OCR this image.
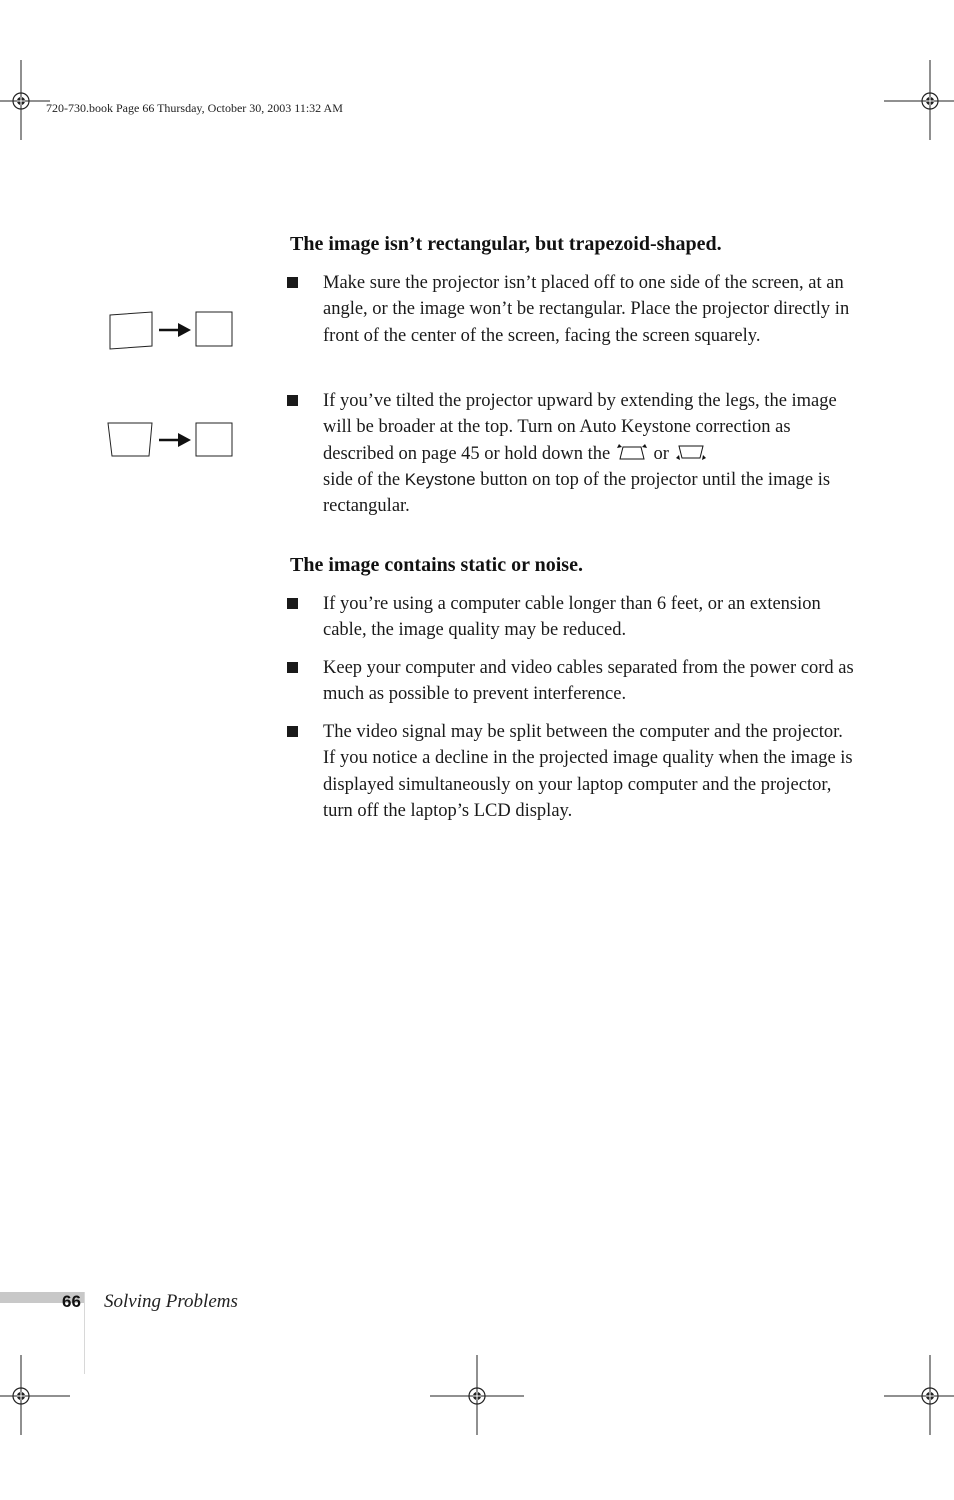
720-730.book Page 66 Thursday, October 30, 2003 11:32 AM
The image isn’t rectangular, but trapezoid-shaped.
Make sure the projector isn’t placed off to one side of the screen, at an angle, or the image won’t be rectangular. Place the projector directly in front of the center of the screen, facing the screen squarely.
If you’ve tilted the projector upward by extending the legs, the image will be broader at the top. Turn on Auto Keystone correction as described on page 45 or hold down the or
side of the Keystone button on top of the projector until the image is rectangular.
The image contains static or noise.
If you’re using a computer cable longer than 6 feet, or an extension cable, the image quality may be reduced.
Keep your computer and video cables separated from the power cord as much as possible to prevent interference.
The video signal may be split between the computer and the projector. If you notice a decline in the projected image quality when the image is displayed simultaneously on your laptop computer and the projector, turn off the laptop’s LCD display.
66 Solving Problems
